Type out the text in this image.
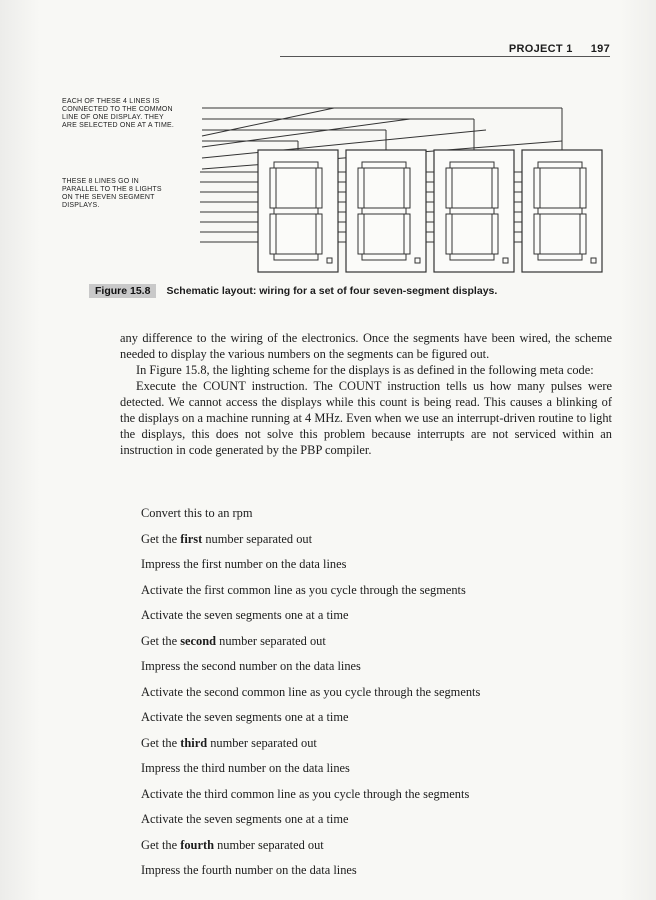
PROJECT 1 197
EACH OF THESE 4 LINES IS
CONNECTED TO THE COMMON
LINE OF ONE DISPLAY. THEY
ARE SELECTED ONE AT A TIME.
THESE 8 LINES GO IN
PARALLEL TO THE 8 LIGHTS
ON THE SEVEN SEGMENT
DISPLAYS.
Figure 15.8 Schematic layout: wiring for a set of four seven-segment displays.

any difference to the wiring of the electronics. Once the segments have been wired, the scheme needed to display the various numbers on the segments can be figured out.

In Figure 15.8, the lighting scheme for the displays is as defined in the following meta code:

Execute the COUNT instruction. The COUNT instruction tells us how many pulses were detected. We cannot access the displays while this count is being read. This causes a blinking of the displays on a machine running at 4 MHz. Even when we use an interrupt-driven routine to light the displays, this does not solve this problem because interrupts are not serviced within an instruction in code generated by the PBP compiler.

Convert this to an rpm
Get the first number separated out
Impress the first number on the data lines
Activate the first common line as you cycle through the segments
Activate the seven segments one at a time
Get the second number separated out
Impress the second number on the data lines
Activate the second common line as you cycle through the segments
Activate the seven segments one at a time
Get the third number separated out
Impress the third number on the data lines
Activate the third common line as you cycle through the segments
Activate the seven segments one at a time
Get the fourth number separated out
Impress the fourth number on the data lines
